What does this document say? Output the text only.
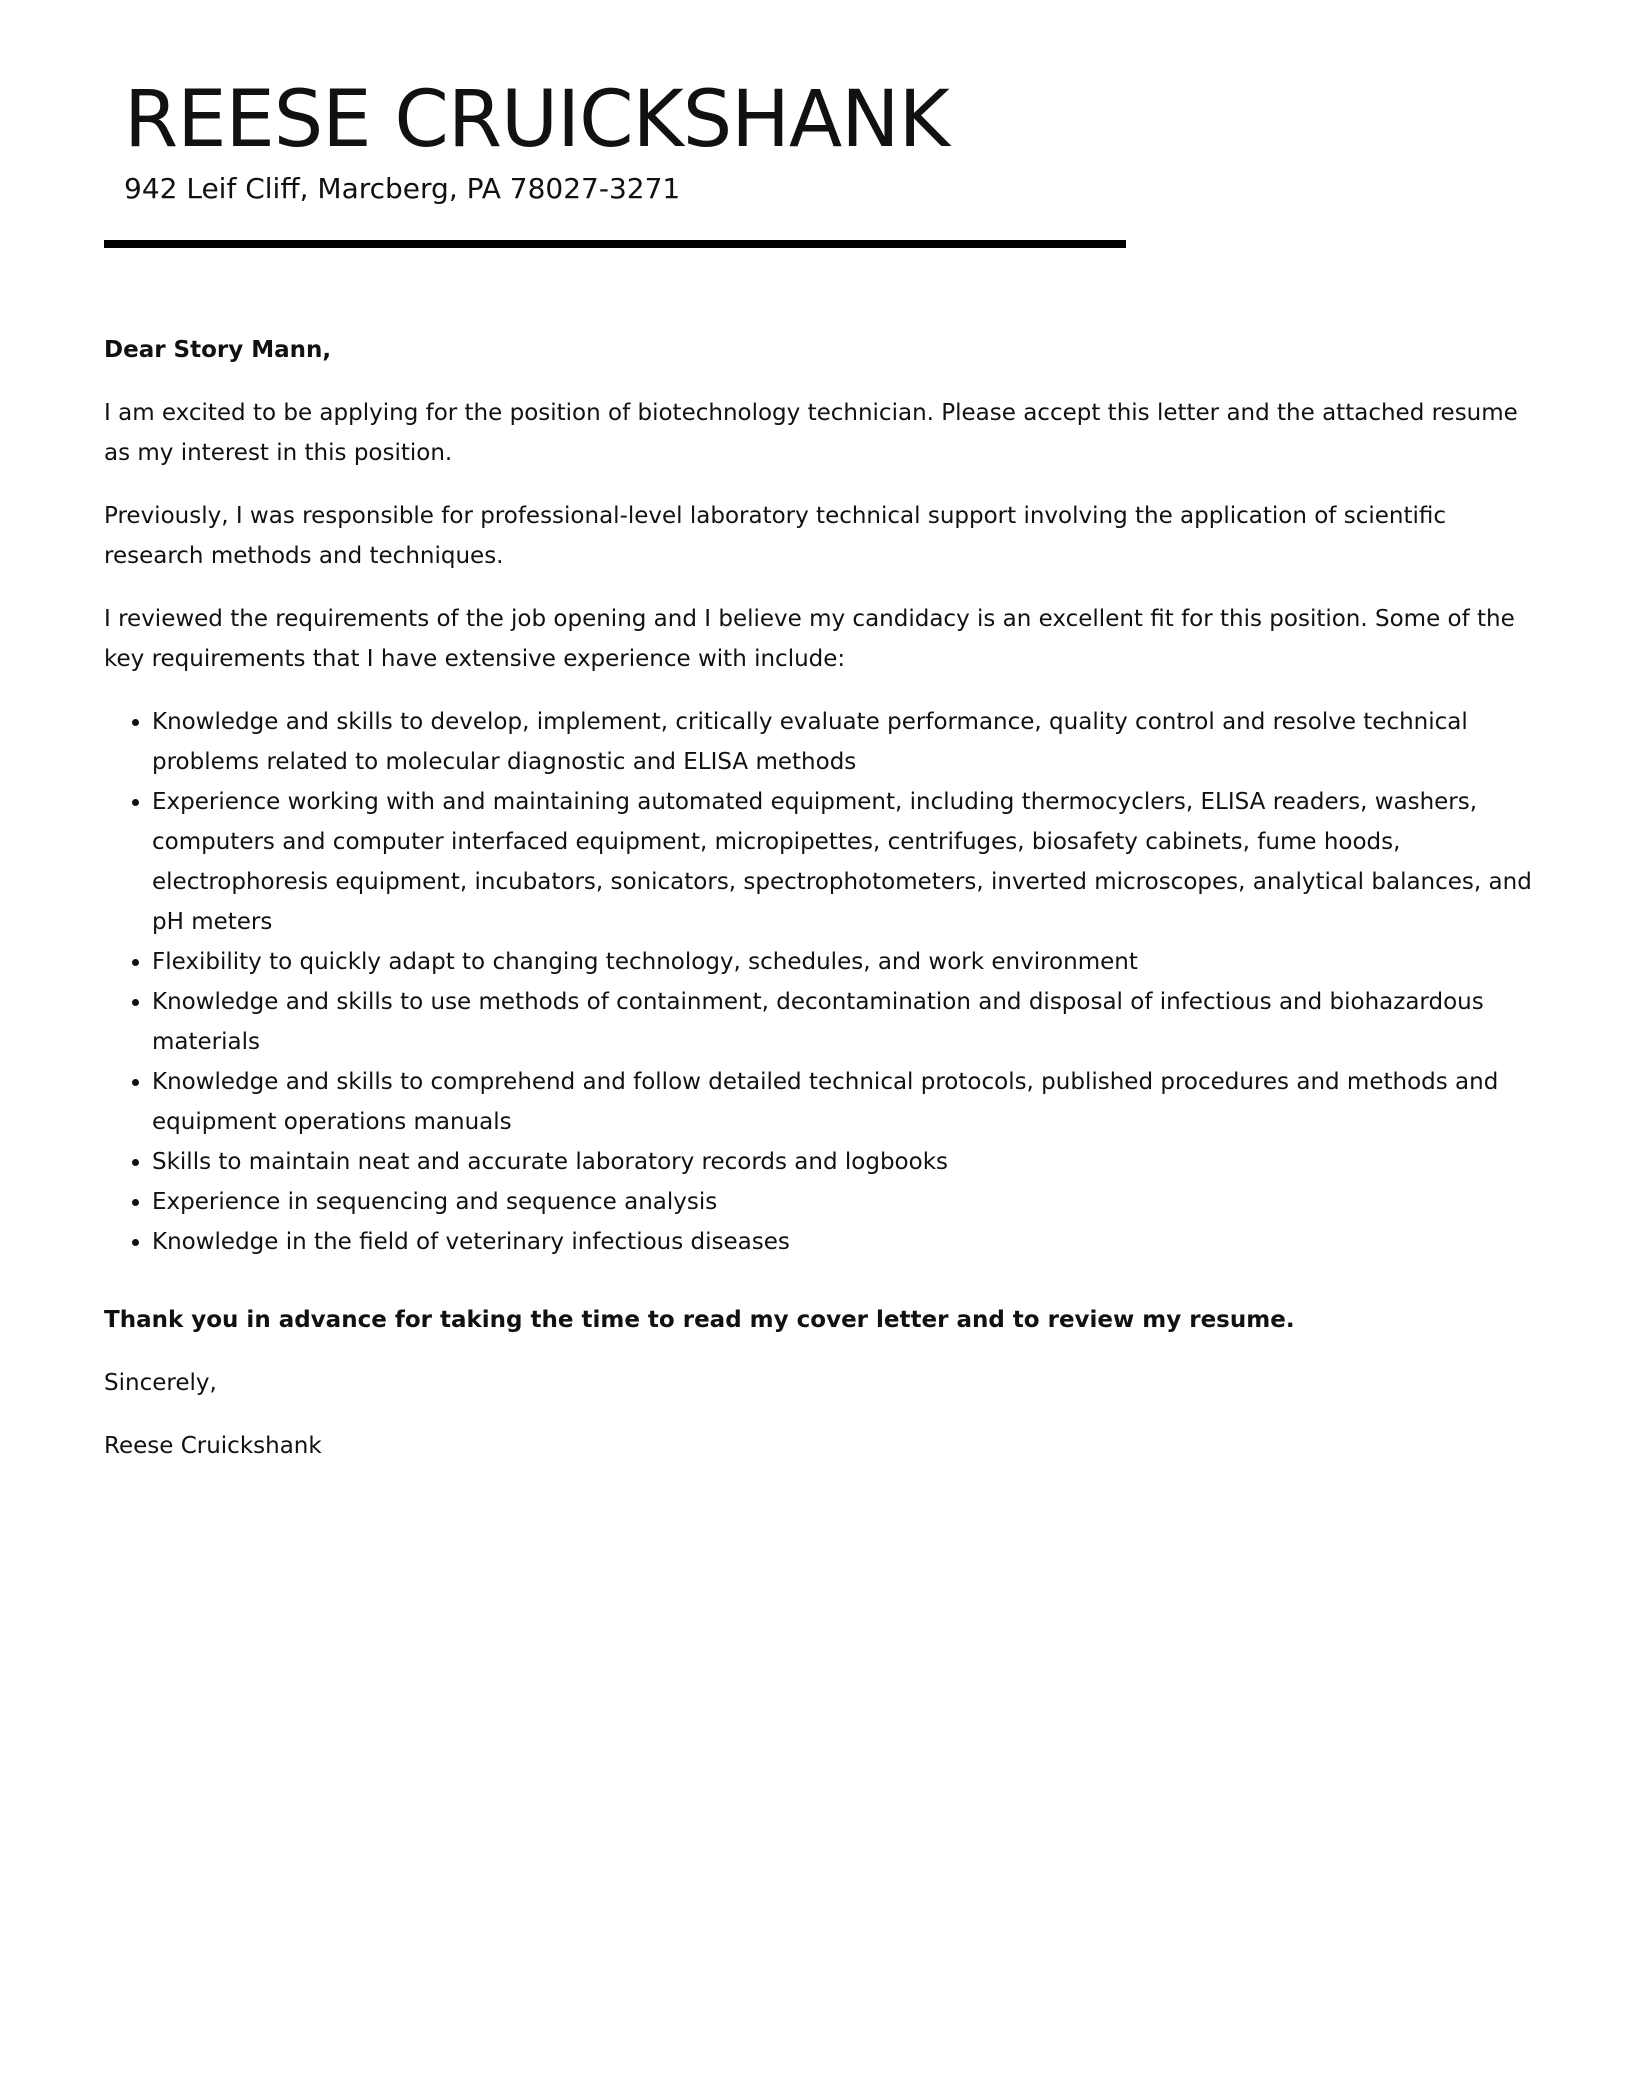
REESE CRUICKSHANK

942 Leif Cliff, Marcberg, PA 78027-3271

Dear Story Mann,

I am excited to be applying for the position of biotechnology technician. Please accept this letter and the attached resume as my interest in this position.

Previously, I was responsible for professional-level laboratory technical support involving the application of scientific research methods and techniques.

I reviewed the requirements of the job opening and I believe my candidacy is an excellent fit for this position. Some of the key requirements that I have extensive experience with include:

• Knowledge and skills to develop, implement, critically evaluate performance, quality control and resolve technical problems related to molecular diagnostic and ELISA methods
• Experience working with and maintaining automated equipment, including thermocyclers, ELISA readers, washers, computers and computer interfaced equipment, micropipettes, centrifuges, biosafety cabinets, fume hoods, electrophoresis equipment, incubators, sonicators, spectrophotometers, inverted microscopes, analytical balances, and pH meters
• Flexibility to quickly adapt to changing technology, schedules, and work environment
• Knowledge and skills to use methods of containment, decontamination and disposal of infectious and biohazardous materials
• Knowledge and skills to comprehend and follow detailed technical protocols, published procedures and methods and equipment operations manuals
• Skills to maintain neat and accurate laboratory records and logbooks
• Experience in sequencing and sequence analysis
• Knowledge in the field of veterinary infectious diseases

Thank you in advance for taking the time to read my cover letter and to review my resume.

Sincerely,

Reese Cruickshank
